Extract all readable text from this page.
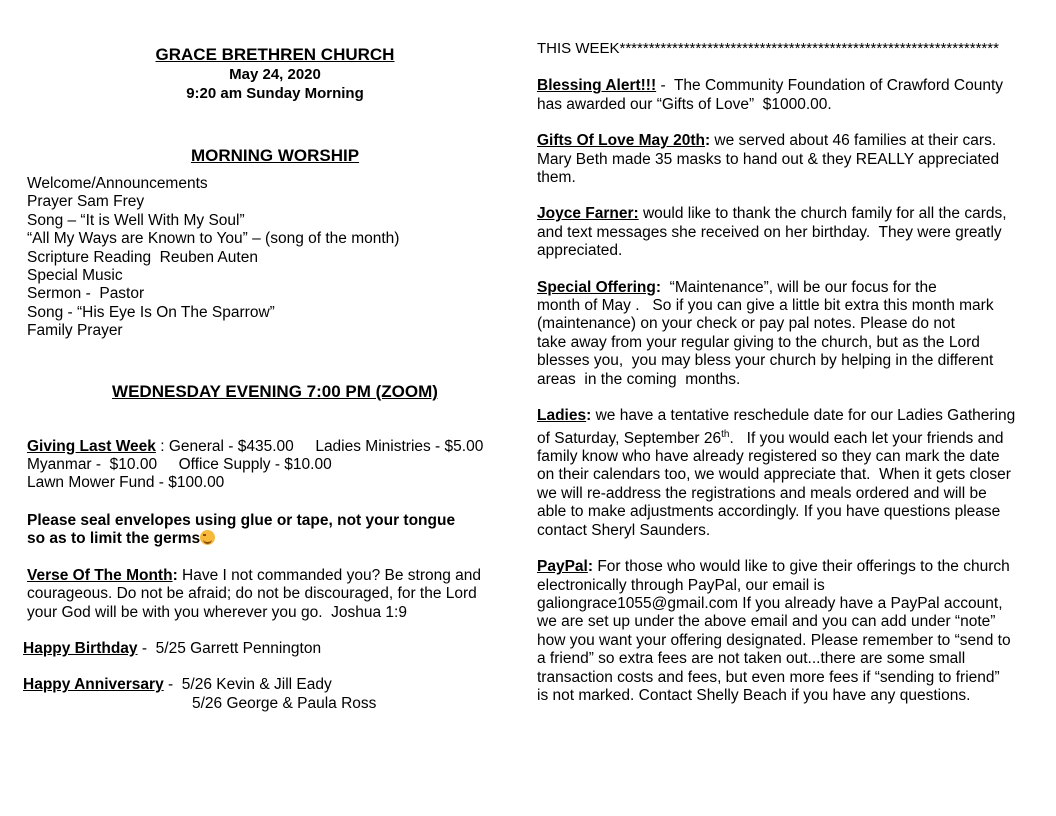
GRACE BRETHREN CHURCH
May 24, 2020
9:20 am Sunday Morning
MORNING WORSHIP
Welcome/Announcements
Prayer Sam Frey
Song – “It is Well With My Soul”
“All My Ways are Known to You” – (song of the month)
Scripture Reading  Reuben Auten
Special Music
Sermon -  Pastor
Song - “His Eye Is On The Sparrow”
Family Prayer
WEDNESDAY EVENING 7:00 PM (ZOOM)
Giving Last Week : General - $435.00     Ladies Ministries - $5.00
Myanmar -  $10.00     Office Supply - $10.00
Lawn Mower Fund - $100.00
Please seal envelopes using glue or tape, not your tongue
so as to limit the germs
Verse Of The Month: Have I not commanded you? Be strong and
courageous. Do not be afraid; do not be discouraged, for the Lord
your God will be with you wherever you go.  Joshua 1:9
Happy Birthday -  5/25 Garrett Pennington
Happy Anniversary -  5/26 Kevin & Jill Eady
5/26 George & Paula Ross
THIS WEEK*****************************************************************
Blessing Alert!!! -  The Community Foundation of Crawford County
has awarded our “Gifts of Love”  $1000.00.
Gifts Of Love May 20th: we served about 46 families at their cars.
Mary Beth made 35 masks to hand out & they REALLY appreciated
them.
Joyce Farner: would like to thank the church family for all the cards,
and text messages she received on her birthday.  They were greatly
appreciated.
Special Offering:  “Maintenance”, will be our focus for the
month of May .   So if you can give a little bit extra this month mark
(maintenance) on your check or pay pal notes. Please do not
take away from your regular giving to the church, but as the Lord
blesses you,  you may bless your church by helping in the different
areas  in the coming  months.
Ladies: we have a tentative reschedule date for our Ladies Gathering
of Saturday, September 26th.   If you would each let your friends and
family know who have already registered so they can mark the date
on their calendars too, we would appreciate that.  When it gets closer
we will re-address the registrations and meals ordered and will be
able to make adjustments accordingly. If you have questions please
contact Sheryl Saunders.
PayPal: For those who would like to give their offerings to the church
electronically through PayPal, our email is
galiongrace1055@gmail.com If you already have a PayPal account,
we are set up under the above email and you can add under “note”
how you want your offering designated. Please remember to “send to
a friend” so extra fees are not taken out...there are some small
transaction costs and fees, but even more fees if “sending to friend”
is not marked. Contact Shelly Beach if you have any questions.
